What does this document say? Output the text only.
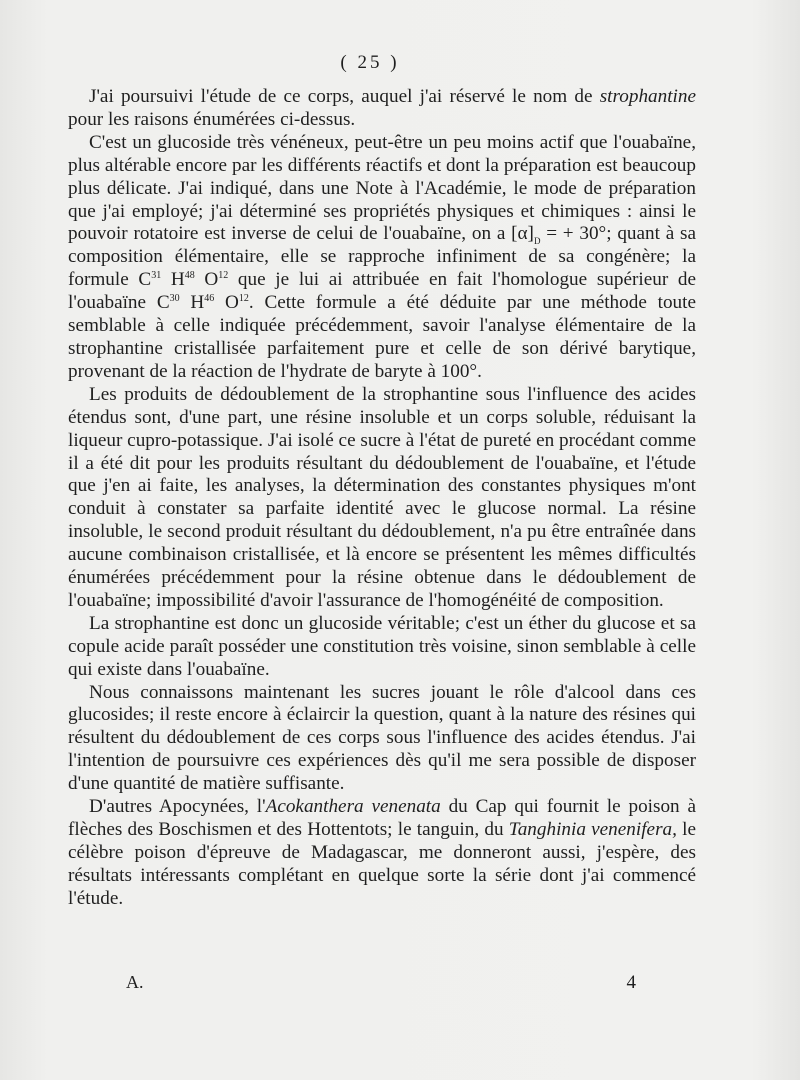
( 25 )

J'ai poursuivi l'étude de ce corps, auquel j'ai réservé le nom de strophantine pour les raisons énumérées ci-dessus.

C'est un glucoside très vénéneux, peut-être un peu moins actif que l'ouabaïne, plus altérable encore par les différents réactifs et dont la préparation est beaucoup plus délicate. J'ai indiqué, dans une Note à l'Académie, le mode de préparation que j'ai employé; j'ai déterminé ses propriétés physiques et chimiques : ainsi le pouvoir rotatoire est inverse de celui de l'ouabaïne, on a $[\alpha]_D$ = + 30°; quant à sa composition élémentaire, elle se rapproche infiniment de sa congénère; la formule $C^{31}$ $H^{48}$ $O^{12}$ que je lui ai attribuée en fait l'homologue supérieur de l'ouabaïne $C^{30}$ $H^{46}$ $O^{12}$. Cette formule a été déduite par une méthode toute semblable à celle indiquée précédemment, savoir l'analyse élémentaire de la strophantine cristallisée parfaitement pure et celle de son dérivé barytique, provenant de la réaction de l'hydrate de baryte à 100°.

Les produits de dédoublement de la strophantine sous l'influence des acides étendus sont, d'une part, une résine insoluble et un corps soluble, réduisant la liqueur cupro-potassique. J'ai isolé ce sucre à l'état de pureté en procédant comme il a été dit pour les produits résultant du dédoublement de l'ouabaïne, et l'étude que j'en ai faite, les analyses, la détermination des constantes physiques m'ont conduit à constater sa parfaite identité avec le glucose normal. La résine insoluble, le second produit résultant du dédoublement, n'a pu être entraînée dans aucune combinaison cristallisée, et là encore se présentent les mêmes difficultés énumérées précédemment pour la résine obtenue dans le dédoublement de l'ouabaïne; impossibilité d'avoir l'assurance de l'homogénéité de composition.

La strophantine est donc un glucoside véritable; c'est un éther du glucose et sa copule acide paraît posséder une constitution très voisine, sinon semblable à celle qui existe dans l'ouabaïne.

Nous connaissons maintenant les sucres jouant le rôle d'alcool dans ces glucosides; il reste encore à éclaircir la question, quant à la nature des résines qui résultent du dédoublement de ces corps sous l'influence des acides étendus. J'ai l'intention de poursuivre ces expériences dès qu'il me sera possible de disposer d'une quantité de matière suffisante.

D'autres Apocynées, l'Acokanthera venenata du Cap qui fournit le poison à flèches des Boschismen et des Hottentots; le tanguin, du Tanghinia venenifera, le célèbre poison d'épreuve de Madagascar, me donneront aussi, j'espère, des résultats intéressants complétant en quelque sorte la série dont j'ai commencé l'étude.

A.	4
